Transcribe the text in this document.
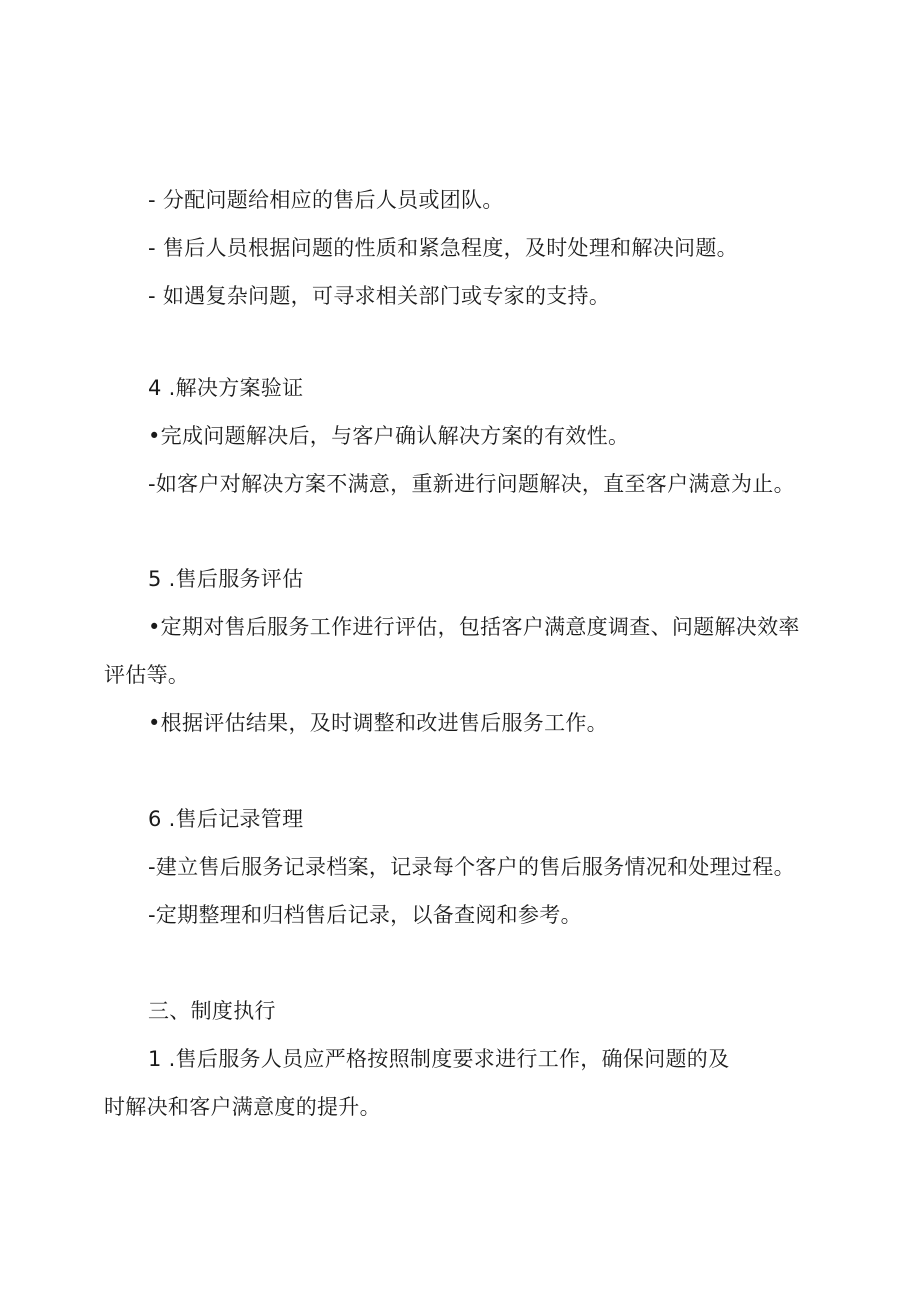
- 分配问题给相应的售后人员或团队。
- 售后人员根据问题的性质和紧急程度，及时处理和解决问题。
- 如遇复杂问题，可寻求相关部门或专家的支持。
4 .解决方案验证
•完成问题解决后，与客户确认解决方案的有效性。
-如客户对解决方案不满意，重新进行问题解决，直至客户满意为止。
5 .售后服务评估
•定期对售后服务工作进行评估，包括客户满意度调查、问题解决效率
评估等。
•根据评估结果，及时调整和改进售后服务工作。
6 .售后记录管理
-建立售后服务记录档案，记录每个客户的售后服务情况和处理过程。
-定期整理和归档售后记录，以备查阅和参考。
三、制度执行
1 .售后服务人员应严格按照制度要求进行工作，确保问题的及
时解决和客户满意度的提升。
